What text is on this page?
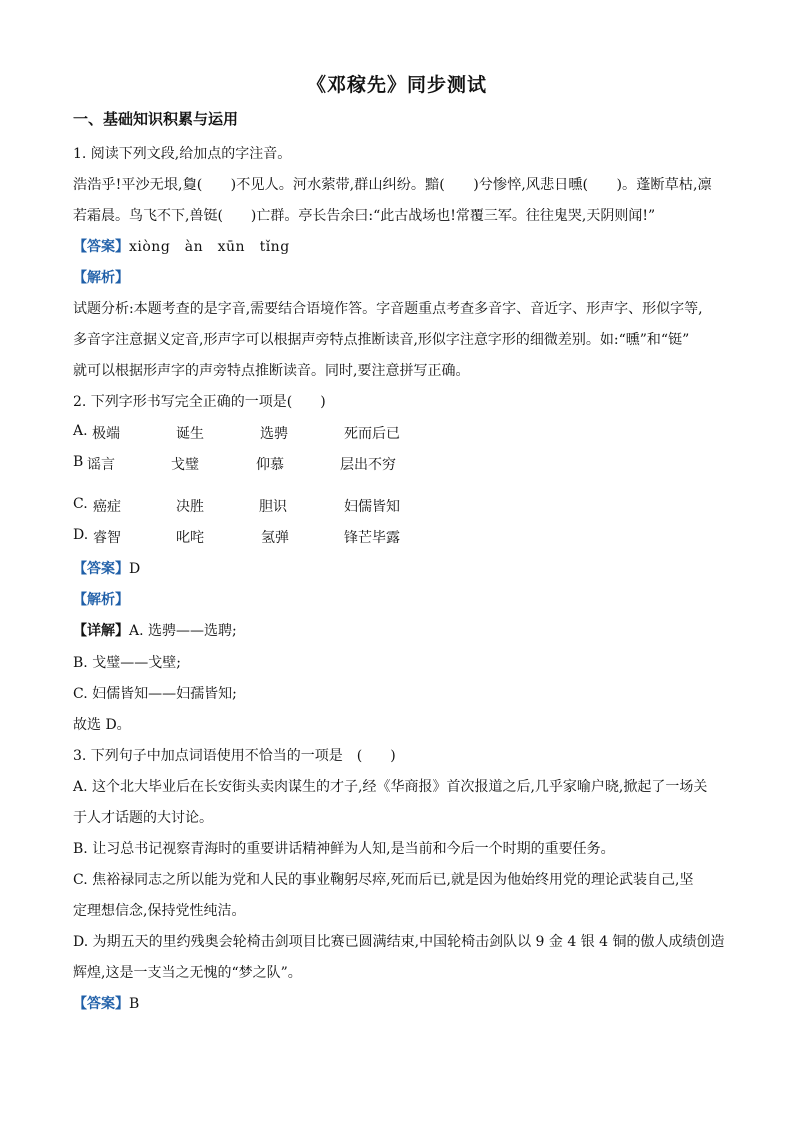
《邓稼先》同步测试
一、基础知识积累与运用
1. 阅读下列文段,给加点的字注音。
浩浩乎!平沙无垠,敻(　　)不见人。河水萦带,群山纠纷。黯(　　)兮惨悴,风悲日曛(　　)。蓬断草枯,凛
若霜晨。鸟飞不下,兽铤(　　)亡群。亭长告余曰:“此古战场也!常覆三军。往往鬼哭,天阴则闻!”
【答案】xiòng　àn　xūn　tǐng
【解析】
试题分析:本题考查的是字音,需要结合语境作答。字音题重点考查多音字、音近字、形声字、形似字等,
多音字注意据义定音,形声字可以根据声旁特点推断读音,形似字注意字形的细微差别。如:“曛”和“铤”
就可以根据形声字的声旁特点推断读音。同时,要注意拼写正确。
2. 下列字形书写完全正确的一项是(　　)
A. 极端	诞生	选骋	死而后已
B 谣言	戈璧	仰慕	层出不穷
C. 癌症	决胜	胆识	妇儒皆知
D. 睿智	叱咤	氢弹	锋芒毕露
【答案】D
【解析】
【详解】A. 选骋——选聘;
B. 戈璧——戈壁;
C. 妇儒皆知——妇孺皆知;
故选 D。
3. 下列句子中加点词语使用不恰当的一项是　(　　)
A. 这个北大毕业后在长安街头卖肉谋生的才子,经《华商报》首次报道之后,几乎家喻户晓,掀起了一场关
于人才话题的大讨论。
B. 让习总书记视察青海时的重要讲话精神鲜为人知,是当前和今后一个时期的重要任务。
C. 焦裕禄同志之所以能为党和人民的事业鞠躬尽瘁,死而后已,就是因为他始终用党的理论武装自己,坚
定理想信念,保持党性纯洁。
D. 为期五天的里约残奥会轮椅击剑项目比赛已圆满结束,中国轮椅击剑队以 9 金 4 银 4 铜的傲人成绩创造
辉煌,这是一支当之无愧的“梦之队”。
【答案】B
